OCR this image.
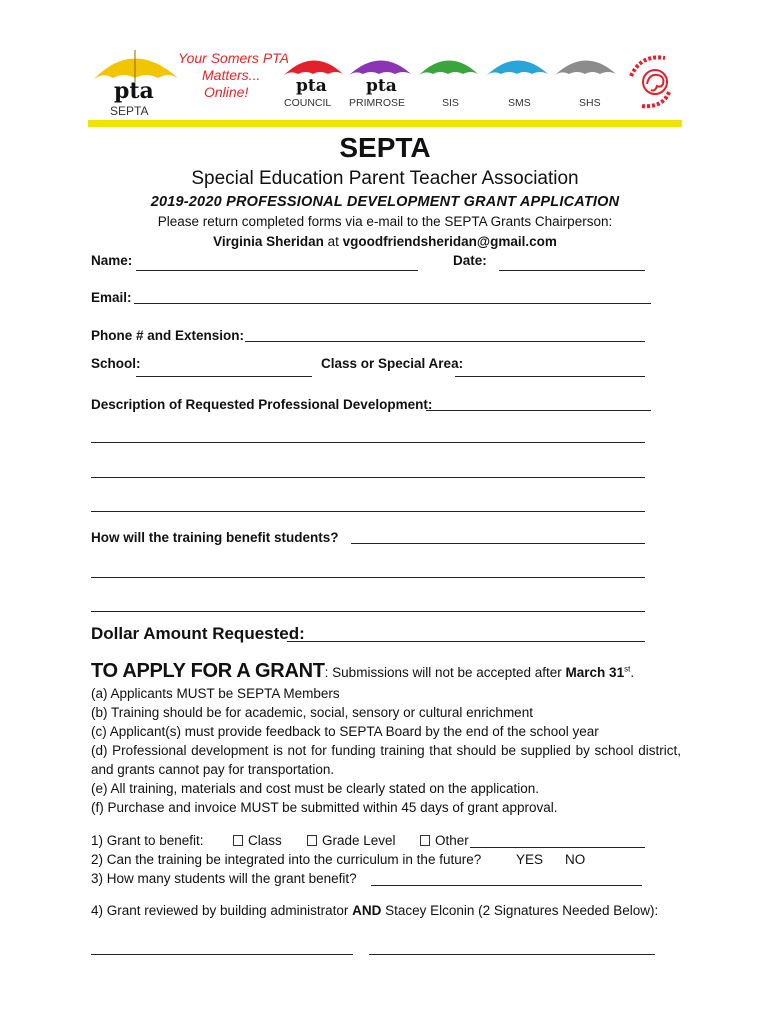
Your Somers PTA
Matters...
Online!
pta	pta pta
SEPTA
COUNCIL PRIMROSE	SIS	SMS	SHS
SEPTA
Special Education Parent Teacher Association
2019-2020 PROFESSIONAL DEVELOPMENT GRANT APPLICATION
Please return completed forms via e-mail to the SEPTA Grants Chairperson:
Virginia Sheridan at vgoodfriendsheridan@gmail.com
Name:	Date:
Email:
Phone # and Extension:
School:	Class or Special Area:
Description of Requested Professional Development:
How will the training benefit students?
Dollar Amount Requested:
TO APPLY FOR A GRANT: Submissions will not be accepted after March 31st.
(a) Applicants MUST be SEPTA Members
(b) Training should be for academic, social, sensory or cultural enrichment
(c) Applicant(s) must provide feedback to SEPTA Board by the end of the school year
(d) Professional development is not for funding training that should be supplied by school district, and grants cannot pay for transportation.
(e) All training, materials and cost must be clearly stated on the application.
(f) Purchase and invoice MUST be submitted within 45 days of grant approval.
1) Grant to benefit:	Class	Grade Level	Other
2) Can the training be integrated into the curriculum in the future?	YES NO
3) How many students will the grant benefit?
4) Grant reviewed by building administrator AND Stacey Elconin (2 Signatures Needed Below):
